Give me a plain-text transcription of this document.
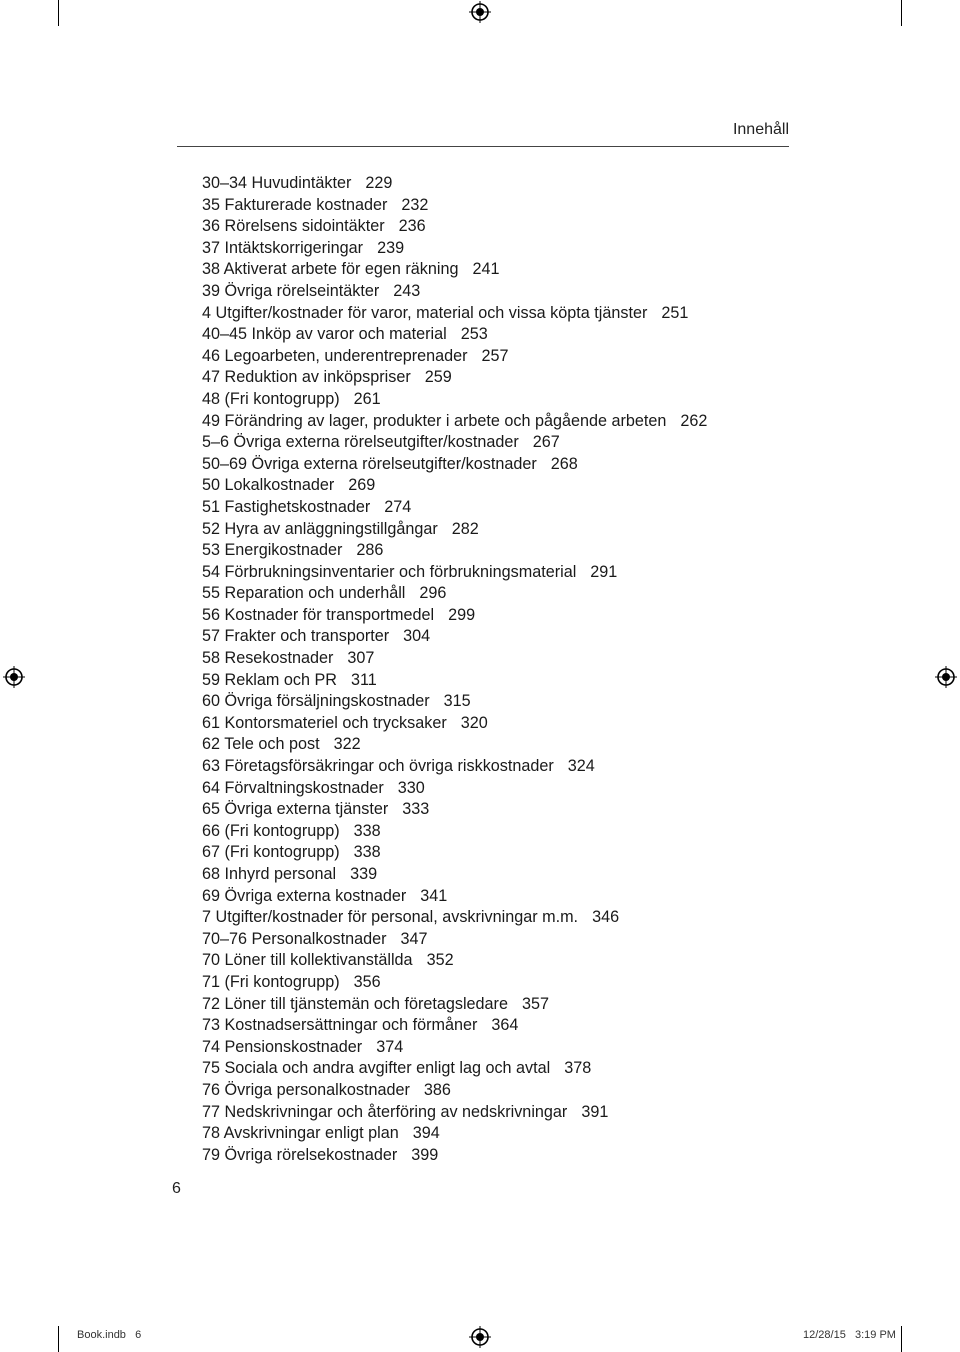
Innehåll
30–34 Huvudintäkter 229
35 Fakturerade kostnader 232
36 Rörelsens sidointäkter 236
37 Intäktskorrigeringar 239
38 Aktiverat arbete för egen räkning 241
39 Övriga rörelseintäkter 243
4 Utgifter/kostnader för varor, material och vissa köpta tjänster 251
40–45 Inköp av varor och material 253
46 Legoarbeten, underentreprenader 257
47 Reduktion av inköpspriser 259
48 (Fri kontogrupp) 261
49 Förändring av lager, produkter i arbete och pågående arbeten 262
5–6 Övriga externa rörelseutgifter/kostnader 267
50–69 Övriga externa rörelseutgifter/kostnader 268
50 Lokalkostnader 269
51 Fastighetskostnader 274
52 Hyra av anläggningstillgångar 282
53 Energikostnader 286
54 Förbrukningsinventarier och förbrukningsmaterial 291
55 Reparation och underhåll 296
56 Kostnader för transportmedel 299
57 Frakter och transporter 304
58 Resekostnader 307
59 Reklam och PR 311
60 Övriga försäljningskostnader 315
61 Kontorsmateriel och trycksaker 320
62 Tele och post 322
63 Företagsförsäkringar och övriga riskkostnader 324
64 Förvaltningskostnader 330
65 Övriga externa tjänster 333
66 (Fri kontogrupp) 338
67 (Fri kontogrupp) 338
68 Inhyrd personal 339
69 Övriga externa kostnader 341
7 Utgifter/kostnader för personal, avskrivningar m.m. 346
70–76 Personalkostnader 347
70 Löner till kollektivanställda 352
71 (Fri kontogrupp) 356
72 Löner till tjänstemän och företagsledare 357
73 Kostnadsersättningar och förmåner 364
74 Pensionskostnader 374
75 Sociala och andra avgifter enligt lag och avtal 378
76 Övriga personalkostnader 386
77 Nedskrivningar och återföring av nedskrivningar 391
78 Avskrivningar enligt plan 394
79 Övriga rörelsekostnader 399
6
Book.indb   6	12/28/15   3:19 PM
